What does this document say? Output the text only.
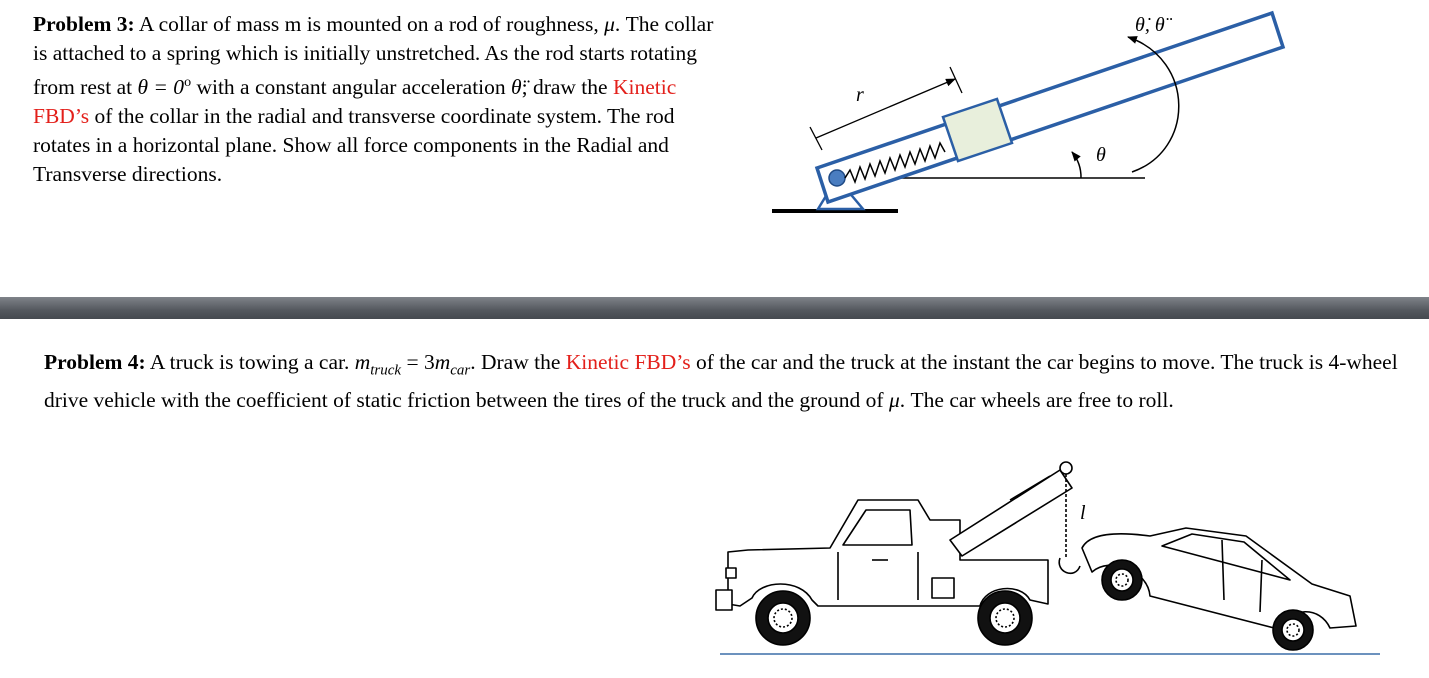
Problem 3: A collar of mass m is mounted on a rod of roughness, μ. The collar is attached to a spring which is initially unstretched. As the rod starts rotating from rest at $\theta = 0^o$ with a constant angular acceleration θ̈; draw the Kinetic FBD’s of the collar in the radial and transverse coordinate system. The rod rotates in a horizontal plane. Show all force components in the Radial and Transverse directions.
Problem 4: A truck is towing a car. $m_{truck} = 3m_{car}$. Draw the Kinetic FBD’s of the car and the truck at the instant the car begins to move. The truck is 4-wheel drive vehicle with the coefficient of static friction between the tires of the truck and the ground of μ. The car wheels are free to roll.
r
θ
θ̇, θ̈
l
